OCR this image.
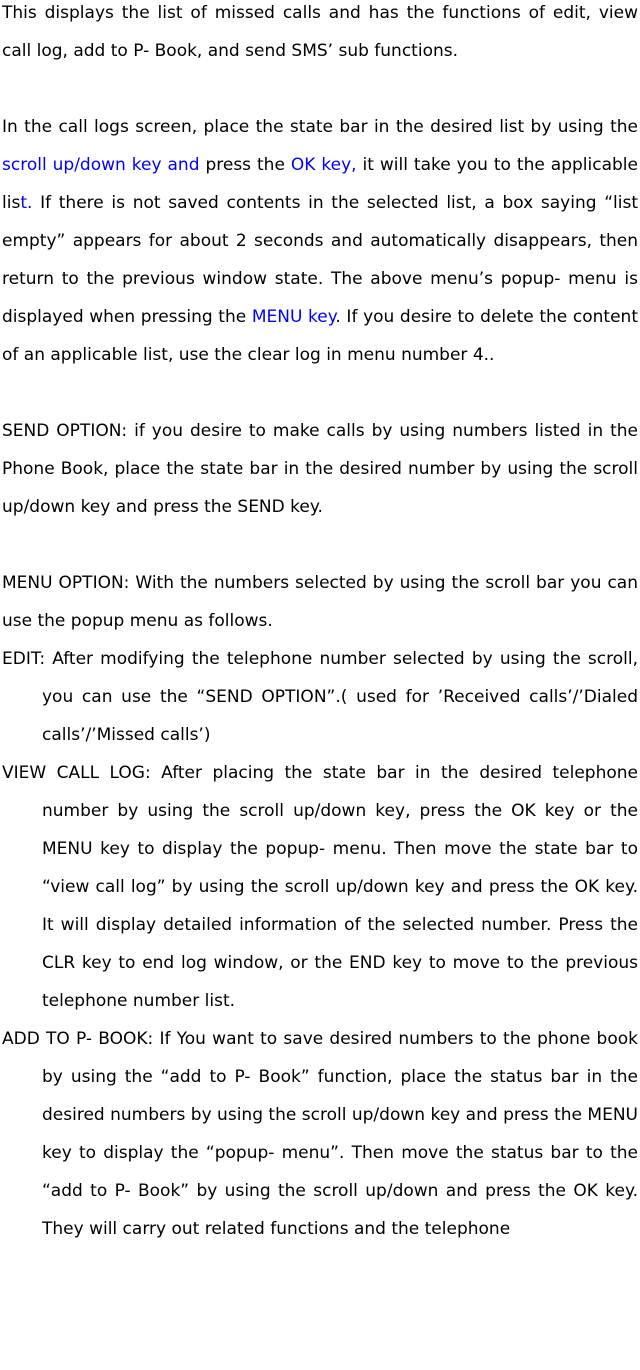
This displays the list of missed calls and has the functions of edit, view call log, add to P- Book, and send SMS’ sub functions.

In the call logs screen, place the state bar in the desired list by using the scroll up/down key and press the OK key, it will take you to the applicable list. If there is not saved contents in the selected list, a box saying “list empty” appears for about 2 seconds and automatically disappears, then return to the previous window state. The above menu’s popup- menu is displayed when pressing the MENU key. If you desire to delete the content of an applicable list, use the clear log in menu number 4..

SEND OPTION: if you desire to make calls by using numbers listed in the Phone Book, place the state bar in the desired number by using the scroll up/down key and press the SEND key.

MENU OPTION: With the numbers selected by using the scroll bar you can use the popup menu as follows.

EDIT: After modifying the telephone number selected by using the scroll, you can use the “SEND OPTION”.( used for ’Received calls’/’Dialed calls’/’Missed calls’)

VIEW CALL LOG: After placing the state bar in the desired telephone number by using the scroll up/down key, press the OK key or the MENU key to display the popup- menu. Then move the state bar to “view call log” by using the scroll up/down key and press the OK key. It will display detailed information of the selected number. Press the CLR key to end log window, or the END key to move to the previous telephone number list.

ADD TO P- BOOK: If You want to save desired numbers to the phone book by using the “add to P- Book” function, place the status bar in the desired numbers by using the scroll up/down key and press the MENU key to display the “popup- menu”. Then move the status bar to the “add to P- Book” by using the scroll up/down and press the OK key. They will carry out related functions and the telephone
